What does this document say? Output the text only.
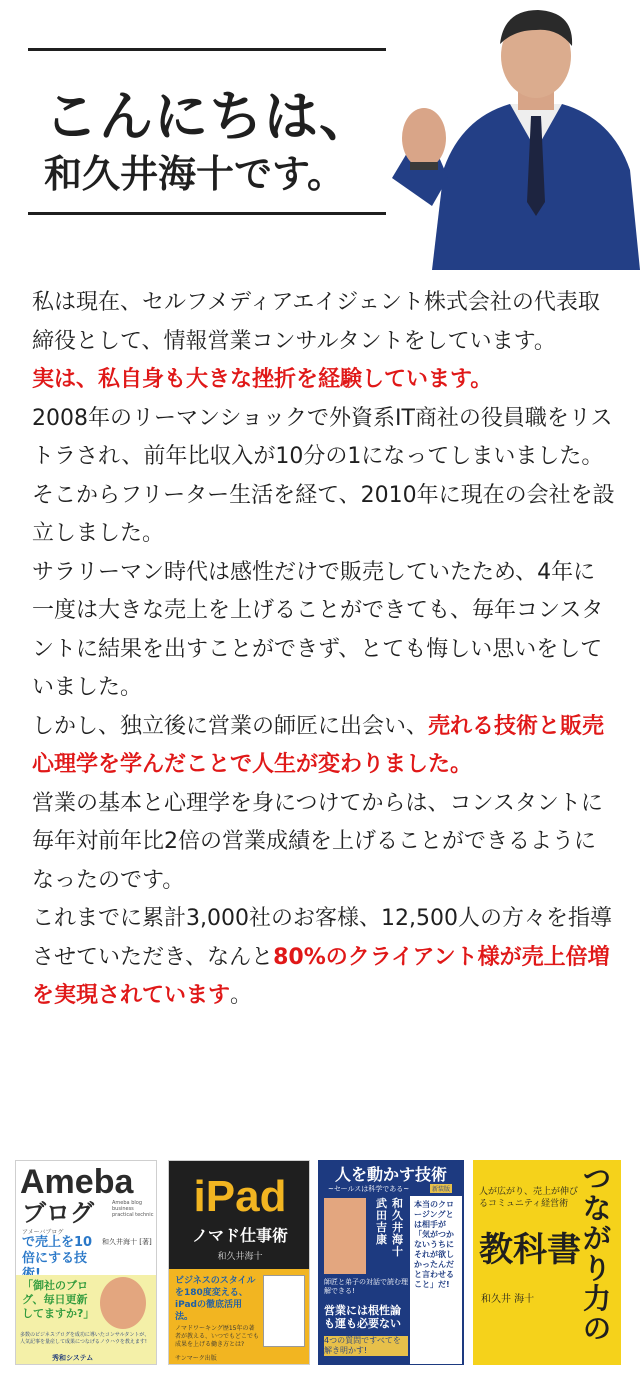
こんにちは、
和久井海十です。

私は現在、セルフメディアエイジェント株式会社の代表取締役として、情報営業コンサルタントをしています。

実は、私自身も大きな挫折を経験しています。

2008年のリーマンショックで外資系IT商社の役員職をリストラされ、前年比収入が10分の1になってしまいました。そこからフリーター生活を経て、2010年に現在の会社を設立しました。

サラリーマン時代は感性だけで販売していたため、4年に一度は大きな売上を上げることができても、毎年コンスタントに結果を出すことができず、とても悔しい思いをしていました。

しかし、独立後に営業の師匠に出会い、売れる技術と販売心理学を学んだことで人生が変わりました。

営業の基本と心理学を身につけてからは、コンスタントに毎年対前年比2倍の営業成績を上げることができるようになったのです。

これまでに累計3,000社のお客様、12,500人の方々を指導させていただき、なんと80%のクライアント様が売上倍増を実現されています。

Ameba
ブログ	Ameba blog business practical technic
アメーバブログ
で売上を10倍にする技
和久井海十 [著]
「御社のブログ、毎日更新してますか?」
多数のビジネスブログを成功に導いたコンサルタントが、人気記事を量産して成果につなげるノウハウを教えます!
秀和システム
iPad
ノマド仕事術
和久井海十
ビジネスのスタイルを180度変える、iPadの徹底活用法。
ノマドワーキング歴15年の著者が教える、いつでもどこでも成果を上げる働き方とは?
サンマーク出版
人を動かす技術
~セールスは科学である~	新装版
武田吉康
和久井海十
本当のクロージングとは相手が「気がつかないうちにそれが欲しかったんだと言わせること」だ!
師匠と弟子の対話で読む理解できる!
営業には根性論も運も必要ない
4つの質問ですべてを解き明かす!
つながり力の
人が広がり、売上が伸びるコミュニティ経営術
教科書
和久井 海十
